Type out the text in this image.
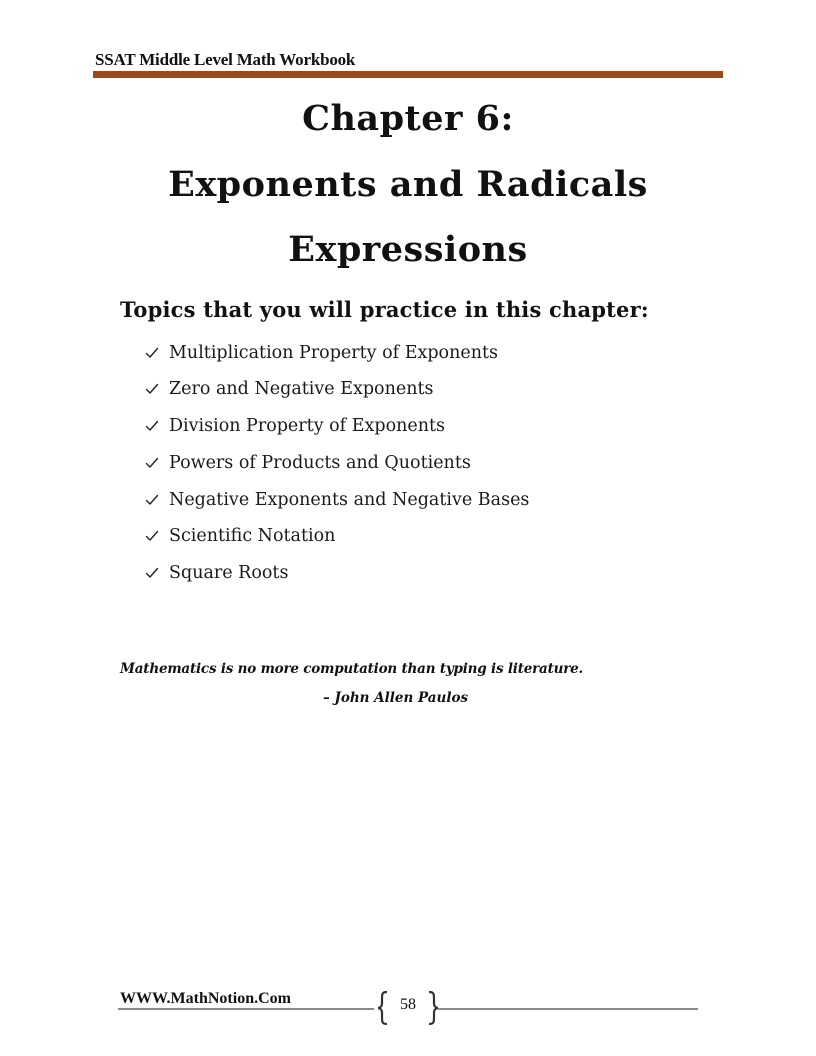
SSAT Middle Level Math Workbook
Chapter 6:
Exponents and Radicals
Expressions
Topics that you will practice in this chapter:
Multiplication Property of Exponents
Zero and Negative Exponents
Division Property of Exponents
Powers of Products and Quotients
Negative Exponents and Negative Bases
Scientific Notation
Square Roots
Mathematics is no more computation than typing is literature.
– John Allen Paulos
WWW.MathNotion.Com	58
